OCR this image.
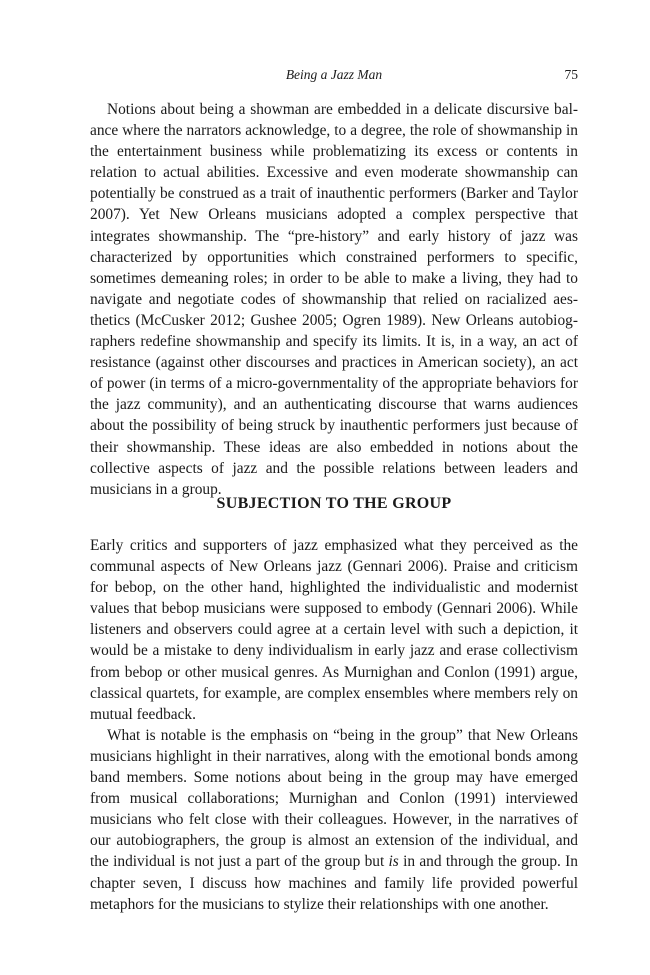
Being a Jazz Man	75

Notions about being a showman are embedded in a delicate discursive balance where the narrators acknowledge, to a degree, the role of showmanship in the entertainment business while problematizing its excess or contents in relation to actual abilities. Excessive and even moderate showmanship can potentially be construed as a trait of inauthentic performers (Barker and Taylor 2007). Yet New Orleans musicians adopted a complex perspective that integrates showmanship. The “pre-history” and early history of jazz was characterized by opportunities which constrained performers to specific, sometimes demeaning roles; in order to be able to make a living, they had to navigate and negotiate codes of showmanship that relied on racialized aesthetics (McCusker 2012; Gushee 2005; Ogren 1989). New Orleans autobiographers redefine showmanship and specify its limits. It is, in a way, an act of resistance (against other discourses and practices in American society), an act of power (in terms of a micro-governmentality of the appropriate behaviors for the jazz community), and an authenticating discourse that warns audiences about the possibility of being struck by inauthentic performers just because of their showmanship. These ideas are also embedded in notions about the collective aspects of jazz and the possible relations between leaders and musicians in a group.

SUBJECTION TO THE GROUP

Early critics and supporters of jazz emphasized what they perceived as the communal aspects of New Orleans jazz (Gennari 2006). Praise and criticism for bebop, on the other hand, highlighted the individualistic and modernist values that bebop musicians were supposed to embody (Gennari 2006). While listeners and observers could agree at a certain level with such a depiction, it would be a mistake to deny individualism in early jazz and erase collectivism from bebop or other musical genres. As Murnighan and Conlon (1991) argue, classical quartets, for example, are complex ensembles where members rely on mutual feedback.

What is notable is the emphasis on “being in the group” that New Orleans musicians highlight in their narratives, along with the emotional bonds among band members. Some notions about being in the group may have emerged from musical collaborations; Murnighan and Conlon (1991) interviewed musicians who felt close with their colleagues. However, in the narratives of our autobiographers, the group is almost an extension of the individual, and the individual is not just a part of the group but is in and through the group. In chapter seven, I discuss how machines and family life provided powerful metaphors for the musicians to stylize their relationships with one another.
